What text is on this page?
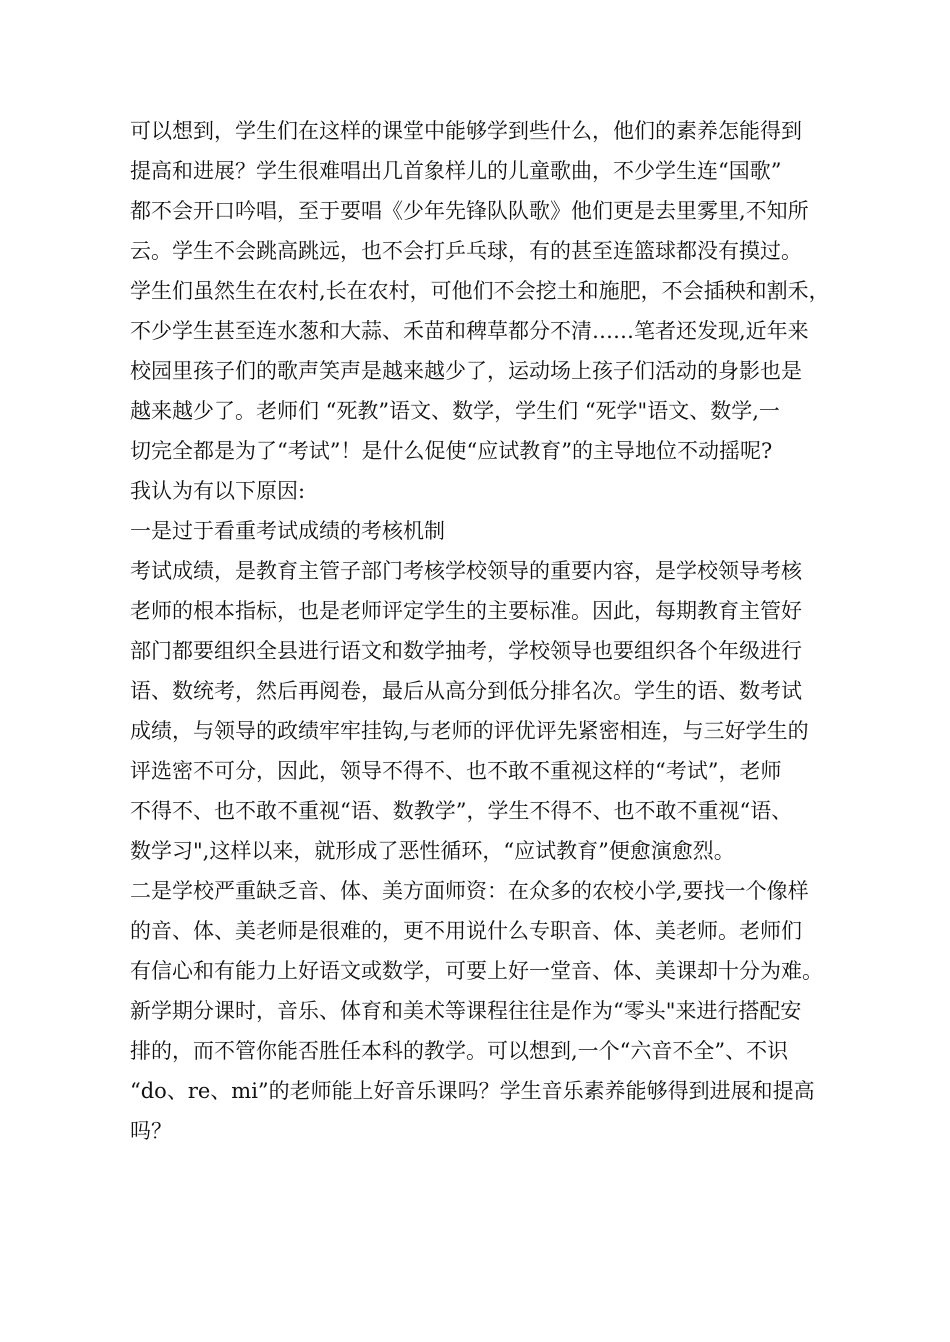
可以想到，学生们在这样的课堂中能够学到些什么，他们的素养怎能得到

提高和进展？学生很难唱出几首象样儿的儿童歌曲，不少学生连“国歌”

都不会开口吟唱，至于要唱《少年先锋队队歌》他们更是去里雾里,不知所

云。学生不会跳高跳远，也不会打乒乓球，有的甚至连篮球都没有摸过。

学生们虽然生在农村,长在农村，可他们不会挖土和施肥，不会插秧和割禾，

不少学生甚至连水葱和大蒜、禾苗和稗草都分不清……笔者还发现,近年来

校园里孩子们的歌声笑声是越来越少了，运动场上孩子们活动的身影也是

越来越少了。老师们 “死教”语文、数学，学生们 “死学"语文、数学,一

切完全都是为了“考试”！是什么促使“应试教育”的主导地位不动摇呢?

我认为有以下原因:

一是过于看重考试成绩的考核机制

考试成绩，是教育主管子部门考核学校领导的重要内容，是学校领导考核

老师的根本指标，也是老师评定学生的主要标准。因此，每期教育主管好

部门都要组织全县进行语文和数学抽考，学校领导也要组织各个年级进行

语、数统考，然后再阅卷，最后从高分到低分排名次。学生的语、数考试

成绩，与领导的政绩牢牢挂钩,与老师的评优评先紧密相连，与三好学生的

评选密不可分，因此，领导不得不、也不敢不重视这样的“考试”，老师

不得不、也不敢不重视“语、数教学”，学生不得不、也不敢不重视“语、

数学习",这样以来，就形成了恶性循环，“应试教育”便愈演愈烈。

二是学校严重缺乏音、体、美方面师资：在众多的农校小学,要找一个像样

的音、体、美老师是很难的，更不用说什么专职音、体、美老师。老师们

有信心和有能力上好语文或数学，可要上好一堂音、体、美课却十分为难。

新学期分课时，音乐、体育和美术等课程往往是作为“零头"来进行搭配安

排的，而不管你能否胜任本科的教学。可以想到,一个“六音不全”、不识

“do、re、mi”的老师能上好音乐课吗？学生音乐素养能够得到进展和提高

吗？
